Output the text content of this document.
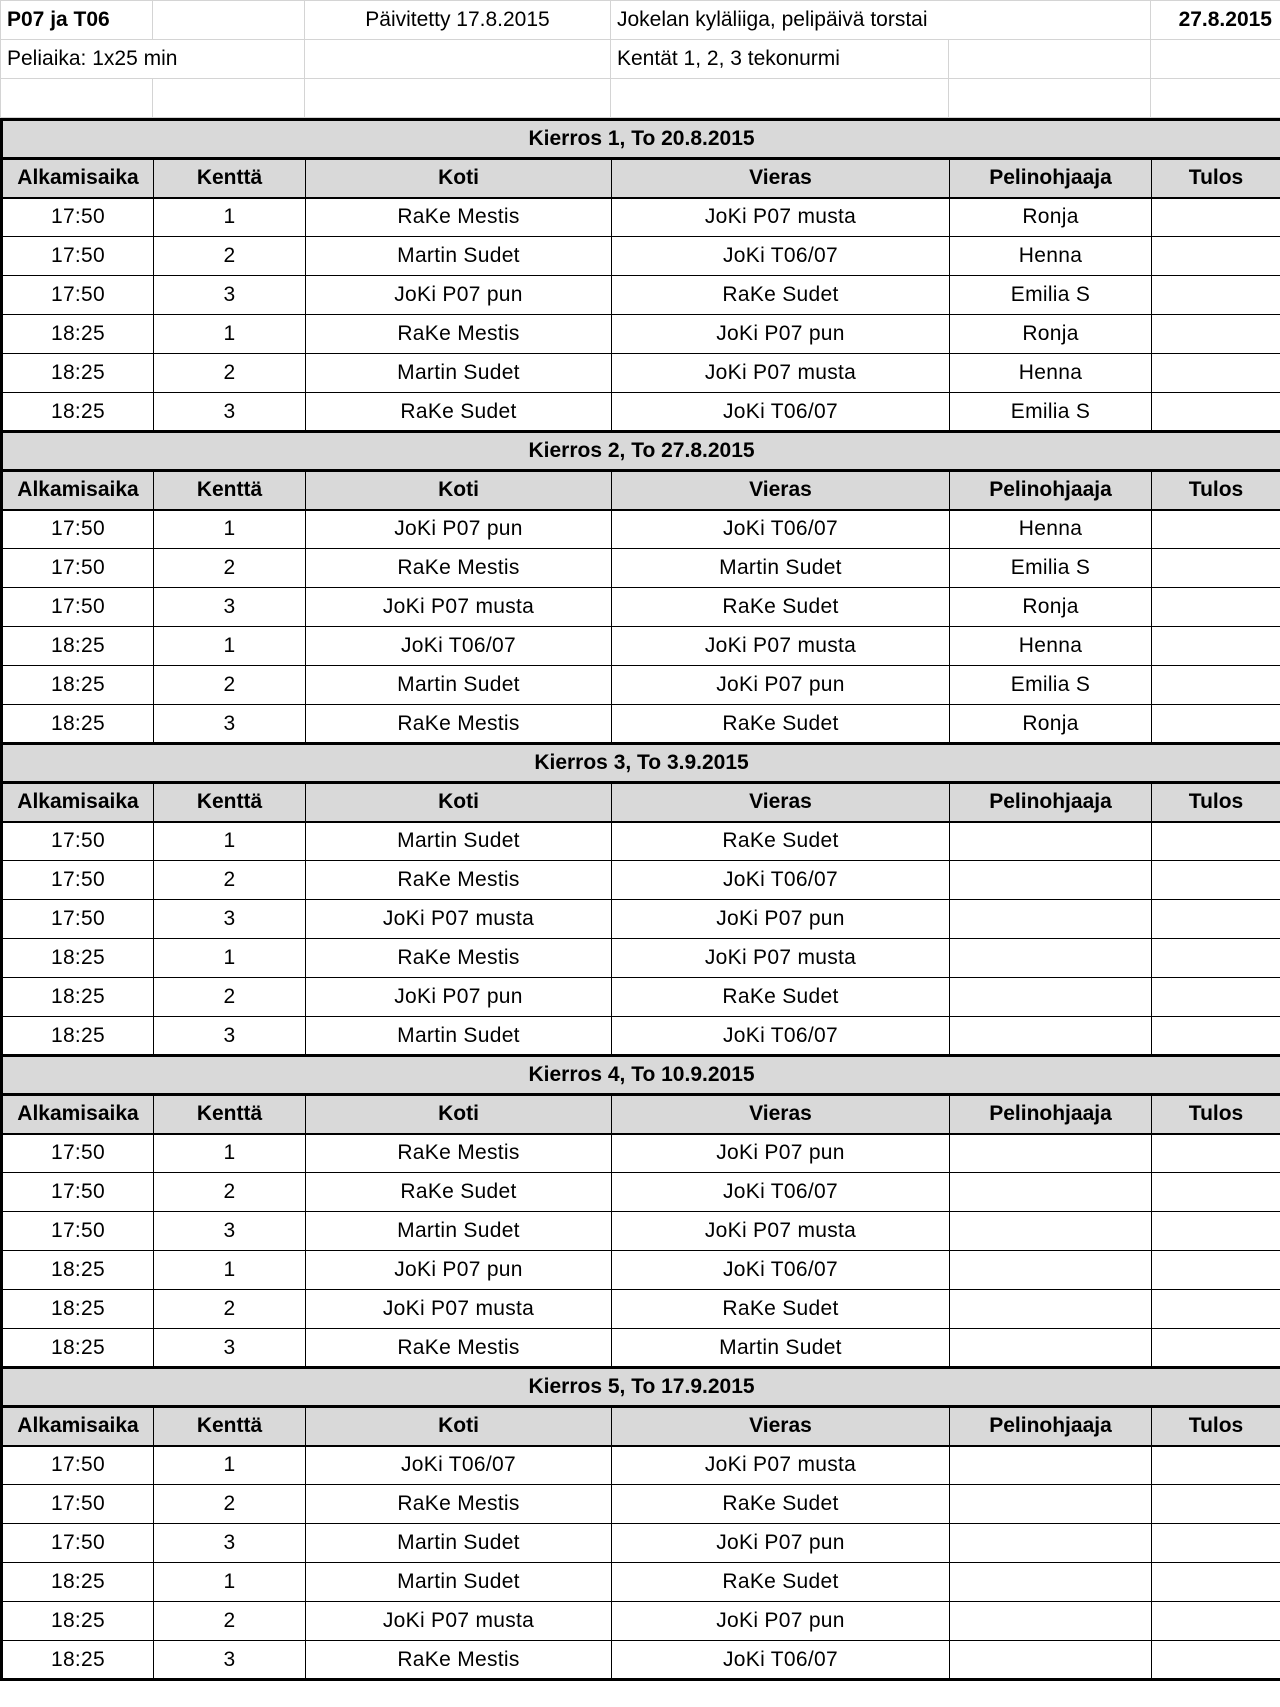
P07 ja T06		Päivitetty 17.8.2015	Jokelan kyläliiga, pelipäivä torstai		27.8.2015
Peliaika: 1x25 min			Kentät 1, 2, 3 tekonurmi		

Kierros 1, To 20.8.2015					
Alkamisaika	Kenttä	Koti	Vieras	Pelinohjaaja	Tulos
17:50	1	RaKe Mestis	JoKi P07 musta	Ronja	
17:50	2	Martin Sudet	JoKi T06/07	Henna	
17:50	3	JoKi P07 pun	RaKe Sudet	Emilia S	
18:25	1	RaKe Mestis	JoKi P07 pun	Ronja	
18:25	2	Martin Sudet	JoKi P07 musta	Henna	
18:25	3	RaKe Sudet	JoKi T06/07	Emilia S	
Kierros 2, To 27.8.2015					
Alkamisaika	Kenttä	Koti	Vieras	Pelinohjaaja	Tulos
17:50	1	JoKi P07 pun	JoKi T06/07	Henna	
17:50	2	RaKe Mestis	Martin Sudet	Emilia S	
17:50	3	JoKi P07 musta	RaKe Sudet	Ronja	
18:25	1	JoKi T06/07	JoKi P07 musta	Henna	
18:25	2	Martin Sudet	JoKi P07 pun	Emilia S	
18:25	3	RaKe Mestis	RaKe Sudet	Ronja	
Kierros 3, To 3.9.2015					
Alkamisaika	Kenttä	Koti	Vieras	Pelinohjaaja	Tulos
17:50	1	Martin Sudet	RaKe Sudet		
17:50	2	RaKe Mestis	JoKi T06/07		
17:50	3	JoKi P07 musta	JoKi P07 pun		
18:25	1	RaKe Mestis	JoKi P07 musta		
18:25	2	JoKi P07 pun	RaKe Sudet		
18:25	3	Martin Sudet	JoKi T06/07		
Kierros 4, To 10.9.2015					
Alkamisaika	Kenttä	Koti	Vieras	Pelinohjaaja	Tulos
17:50	1	RaKe Mestis	JoKi P07 pun		
17:50	2	RaKe Sudet	JoKi T06/07		
17:50	3	Martin Sudet	JoKi P07 musta		
18:25	1	JoKi P07 pun	JoKi T06/07		
18:25	2	JoKi P07 musta	RaKe Sudet		
18:25	3	RaKe Mestis	Martin Sudet		
Kierros 5, To 17.9.2015					
Alkamisaika	Kenttä	Koti	Vieras	Pelinohjaaja	Tulos
17:50	1	JoKi T06/07	JoKi P07 musta		
17:50	2	RaKe Mestis	RaKe Sudet		
17:50	3	Martin Sudet	JoKi P07 pun		
18:25	1	Martin Sudet	RaKe Sudet		
18:25	2	JoKi P07 musta	JoKi P07 pun		
18:25	3	RaKe Mestis	JoKi T06/07		
